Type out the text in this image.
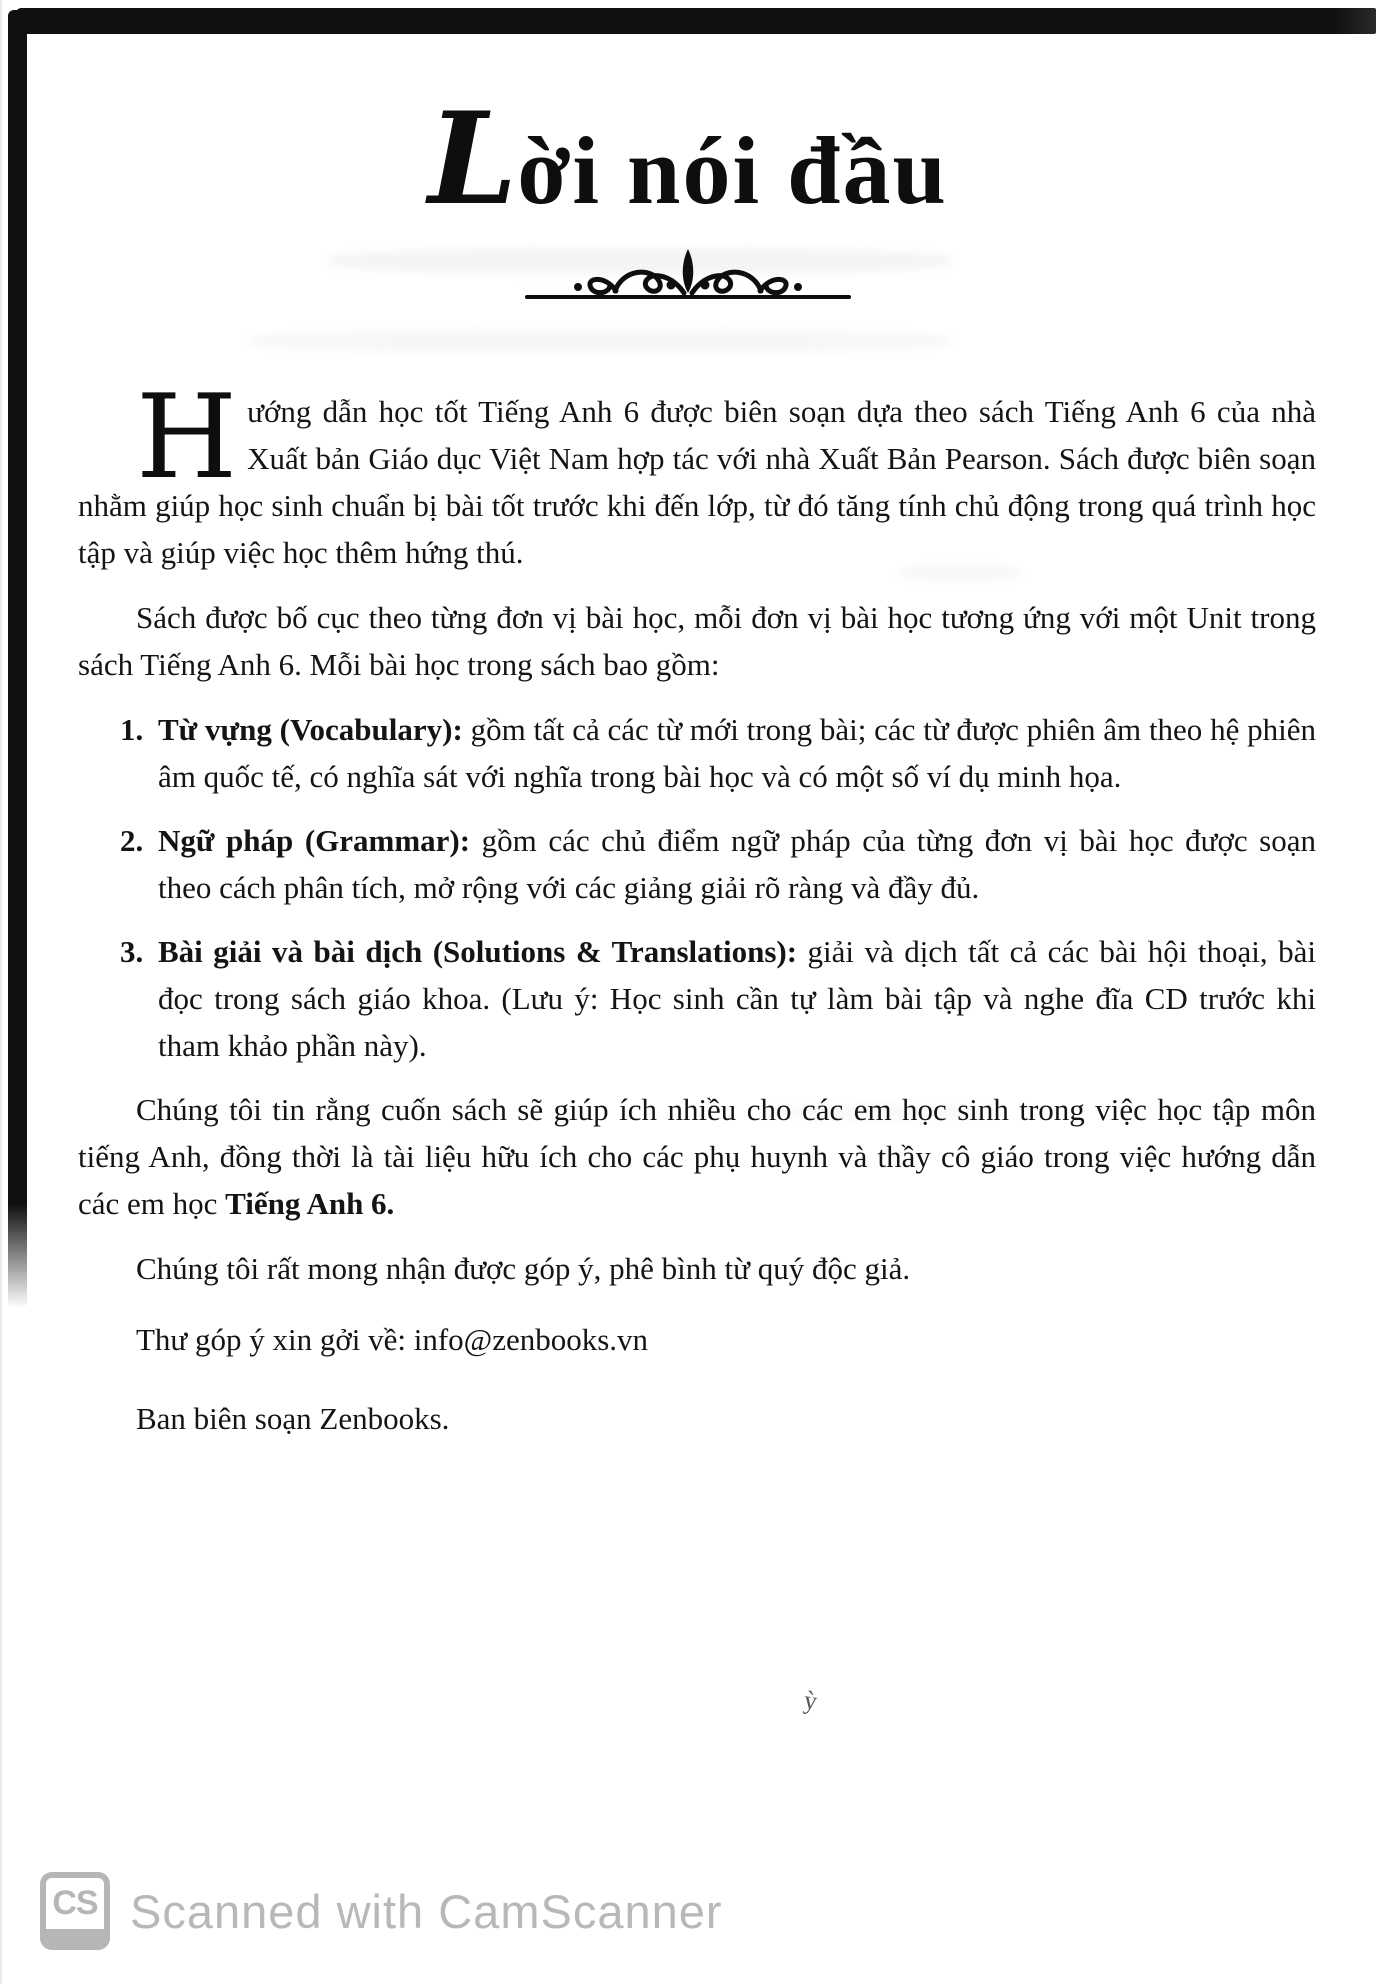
Lời nói đầu

Hướng dẫn học tốt Tiếng Anh 6 được biên soạn dựa theo sách Tiếng Anh 6 của nhà Xuất bản Giáo dục Việt Nam hợp tác với nhà Xuất Bản Pearson. Sách được biên soạn nhằm giúp học sinh chuẩn bị bài tốt trước khi đến lớp, từ đó tăng tính chủ động trong quá trình học tập và giúp việc học thêm hứng thú.

Sách được bố cục theo từng đơn vị bài học, mỗi đơn vị bài học tương ứng với một Unit trong sách Tiếng Anh 6. Mỗi bài học trong sách bao gồm:

1. Từ vựng (Vocabulary): gồm tất cả các từ mới trong bài; các từ được phiên âm theo hệ phiên âm quốc tế, có nghĩa sát với nghĩa trong bài học và có một số ví dụ minh họa.
2. Ngữ pháp (Grammar): gồm các chủ điểm ngữ pháp của từng đơn vị bài học được soạn theo cách phân tích, mở rộng với các giảng giải rõ ràng và đầy đủ.
3. Bài giải và bài dịch (Solutions & Translations): giải và dịch tất cả các bài hội thoại, bài đọc trong sách giáo khoa. (Lưu ý: Học sinh cần tự làm bài tập và nghe đĩa CD trước khi tham khảo phần này).

Chúng tôi tin rằng cuốn sách sẽ giúp ích nhiều cho các em học sinh trong việc học tập môn tiếng Anh, đồng thời là tài liệu hữu ích cho các phụ huynh và thầy cô giáo trong việc hướng dẫn các em học Tiếng Anh 6.

Chúng tôi rất mong nhận được góp ý, phê bình từ quý độc giả.

Thư góp ý xin gởi về: info@zenbooks.vn

Ban biên soạn Zenbooks.

ỳ
CS Scanned with CamScanner
